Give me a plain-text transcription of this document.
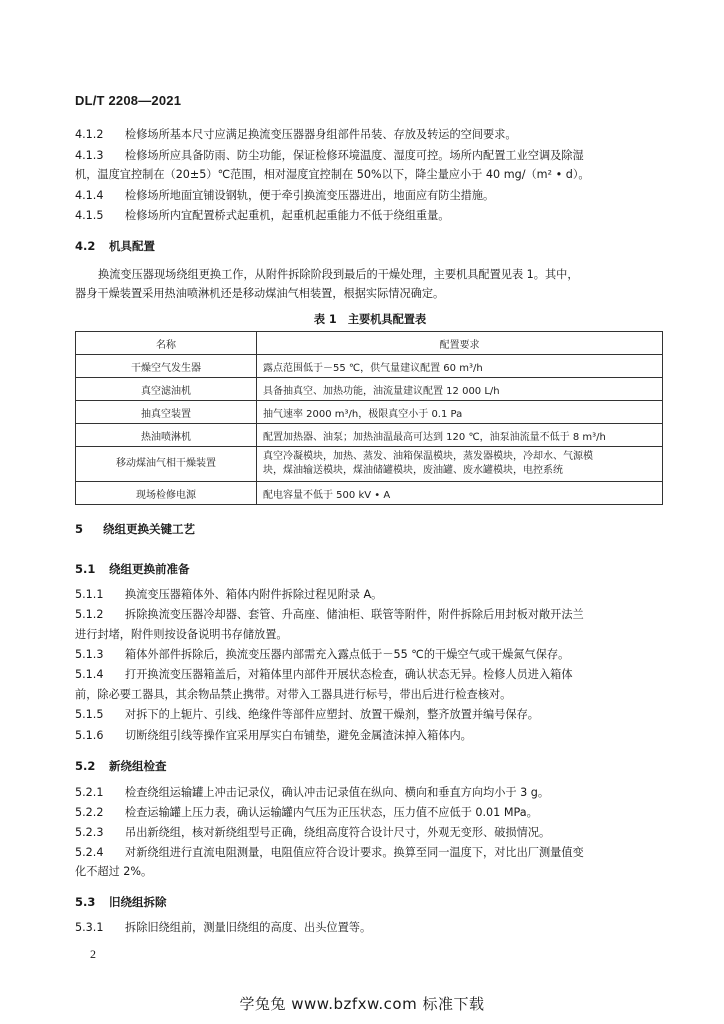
DL/T 2208—2021
4.1.2 检修场所基本尺寸应满足换流变压器器身组部件吊装、存放及转运的空间要求。
4.1.3 检修场所应具备防雨、防尘功能，保证检修环境温度、湿度可控。场所内配置工业空调及除湿
机，温度宜控制在（20±5）℃范围，相对湿度宜控制在 50%以下，降尘量应小于 40 mg/（m² • d）。
4.1.4 检修场所地面宜铺设钢轨，便于牵引换流变压器进出，地面应有防尘措施。
4.1.5 检修场所内宜配置桥式起重机，起重机起重能力不低于绕组重量。
4.2 机具配置
换流变压器现场绕组更换工作，从附件拆除阶段到最后的干燥处理，主要机具配置见表 1。其中，
器身干燥装置采用热油喷淋机还是移动煤油气相装置，根据实际情况确定。
表 1　主要机具配置表
名称	配置要求
干燥空气发生器	露点范围低于－55 ℃，供气量建议配置 60 m³/h
真空滤油机	具备抽真空、加热功能，油流量建议配置 12 000 L/h
抽真空装置	抽气速率 2000 m³/h，极限真空小于 0.1 Pa
热油喷淋机	配置加热器、油泵；加热油温最高可达到 120 ℃，油泵油流量不低于 8 m³/h
移动煤油气相干燥装置	真空冷凝模块，加热、蒸发、油箱保温模块，蒸发器模块，冷却水、气源模
块，煤油输送模块，煤油储罐模块，废油罐、废水罐模块，电控系统

现场检修电源	配电容量不低于 500 kV • A
5 绕组更换关键工艺
5.1 绕组更换前准备
5.1.1 换流变压器箱体外、箱体内附件拆除过程见附录 A。
5.1.2 拆除换流变压器冷却器、套管、升高座、储油柜、联管等附件，附件拆除后用封板对敞开法兰
进行封堵，附件则按设备说明书存储放置。
5.1.3 箱体外部件拆除后，换流变压器内部需充入露点低于－55 ℃的干燥空气或干燥氮气保存。
5.1.4 打开换流变压器箱盖后，对箱体里内部件开展状态检查，确认状态无异。检修人员进入箱体
前，除必要工器具，其余物品禁止携带。对带入工器具进行标号，带出后进行检查核对。
5.1.5 对拆下的上轭片、引线、绝缘件等部件应塑封、放置干燥剂，整齐放置并编号保存。
5.1.6 切断绕组引线等操作宜采用厚实白布铺垫，避免金属渣沫掉入箱体内。
5.2 新绕组检查
5.2.1 检查绕组运输罐上冲击记录仪，确认冲击记录值在纵向、横向和垂直方向均小于 3 g。
5.2.2 检查运输罐上压力表，确认运输罐内气压为正压状态，压力值不应低于 0.01 MPa。
5.2.3 吊出新绕组，核对新绕组型号正确，绕组高度符合设计尺寸，外观无变形、破损情况。
5.2.4 对新绕组进行直流电阻测量，电阻值应符合设计要求。换算至同一温度下，对比出厂测量值变
化不超过 2%。
5.3 旧绕组拆除
5.3.1 拆除旧绕组前，测量旧绕组的高度、出头位置等。
2
学兔兔 www.bzfxw.com 标准下载
